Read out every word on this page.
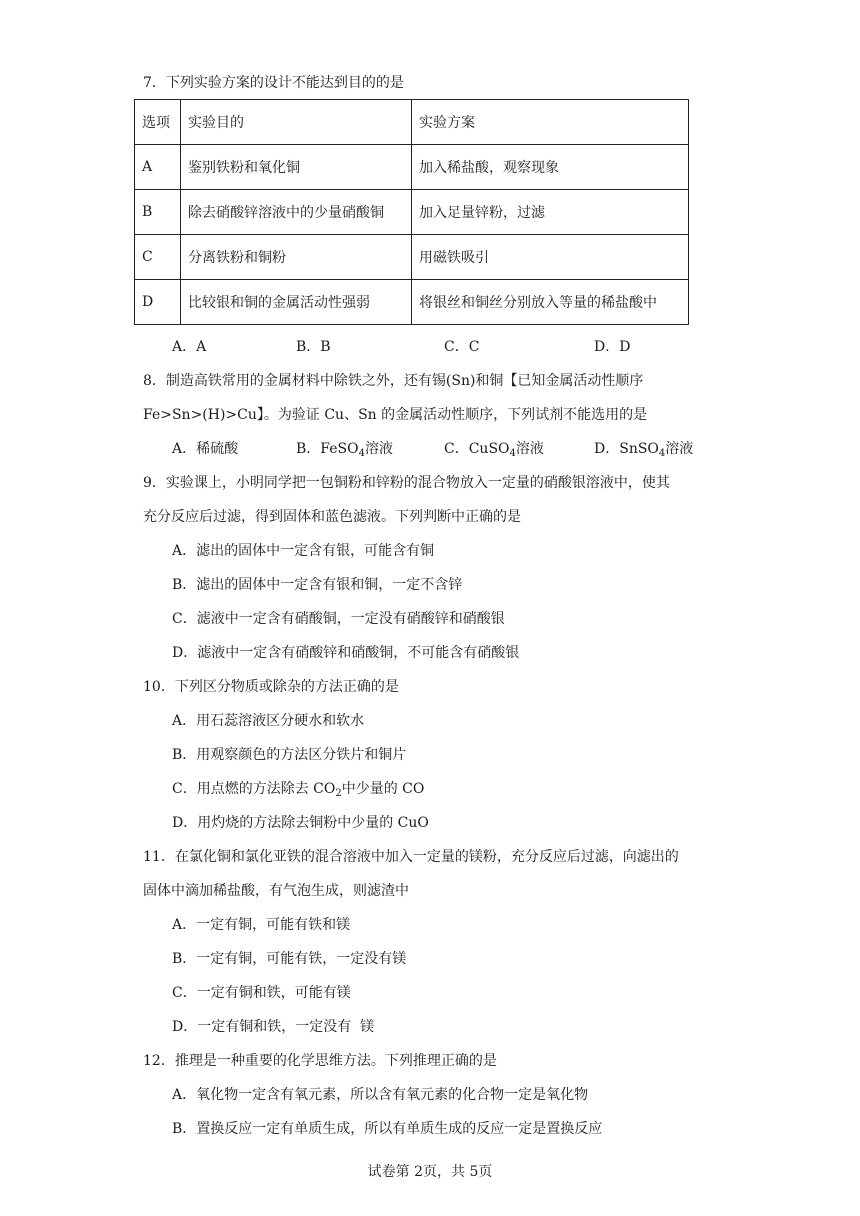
7．下列实验方案的设计不能达到目的的是
选项	实验目的	实验方案
A	鉴别铁粉和氧化铜	加入稀盐酸，观察现象
B	除去硝酸锌溶液中的少量硝酸铜	加入足量锌粉，过滤
C	分离铁粉和铜粉	用磁铁吸引
D	比较银和铜的金属活动性强弱	将银丝和铜丝分别放入等量的稀盐酸中
A．A	B．B	C．C	D．D
8．制造高铁常用的金属材料中除铁之外，还有锡(Sn)和铜【已知金属活动性顺序
Fe>Sn>(H)>Cu】。为验证 Cu、Sn 的金属活动性顺序，下列试剂不能选用的是
A．稀硫酸	B．FeSO$_4$溶液	C．CuSO$_4$溶液	D．SnSO$_4$溶液
9．实验课上，小明同学把一包铜粉和锌粉的混合物放入一定量的硝酸银溶液中，使其
充分反应后过滤，得到固体和蓝色滤液。下列判断中正确的是
A．滤出的固体中一定含有银，可能含有铜
B．滤出的固体中一定含有银和铜，一定不含锌
C．滤液中一定含有硝酸铜，一定没有硝酸锌和硝酸银
D．滤液中一定含有硝酸锌和硝酸铜，不可能含有硝酸银
10．下列区分物质或除杂的方法正确的是
A．用石蕊溶液区分硬水和软水
B．用观察颜色的方法区分铁片和铜片
C．用点燃的方法除去 $CO_2$中少量的 CO
D．用灼烧的方法除去铜粉中少量的 CuO
11．在氯化铜和氯化亚铁的混合溶液中加入一定量的镁粉，充分反应后过滤，向滤出的
固体中滴加稀盐酸，有气泡生成，则滤渣中
A．一定有铜，可能有铁和镁
B．一定有铜，可能有铁，一定没有镁
C．一定有铜和铁，可能有镁
D．一定有铜和铁，一定没有  镁
12．推理是一种重要的化学思维方法。下列推理正确的是
A．氧化物一定含有氧元素，所以含有氧元素的化合物一定是氧化物
B．置换反应一定有单质生成，所以有单质生成的反应一定是置换反应
试卷第 2页，共 5页
